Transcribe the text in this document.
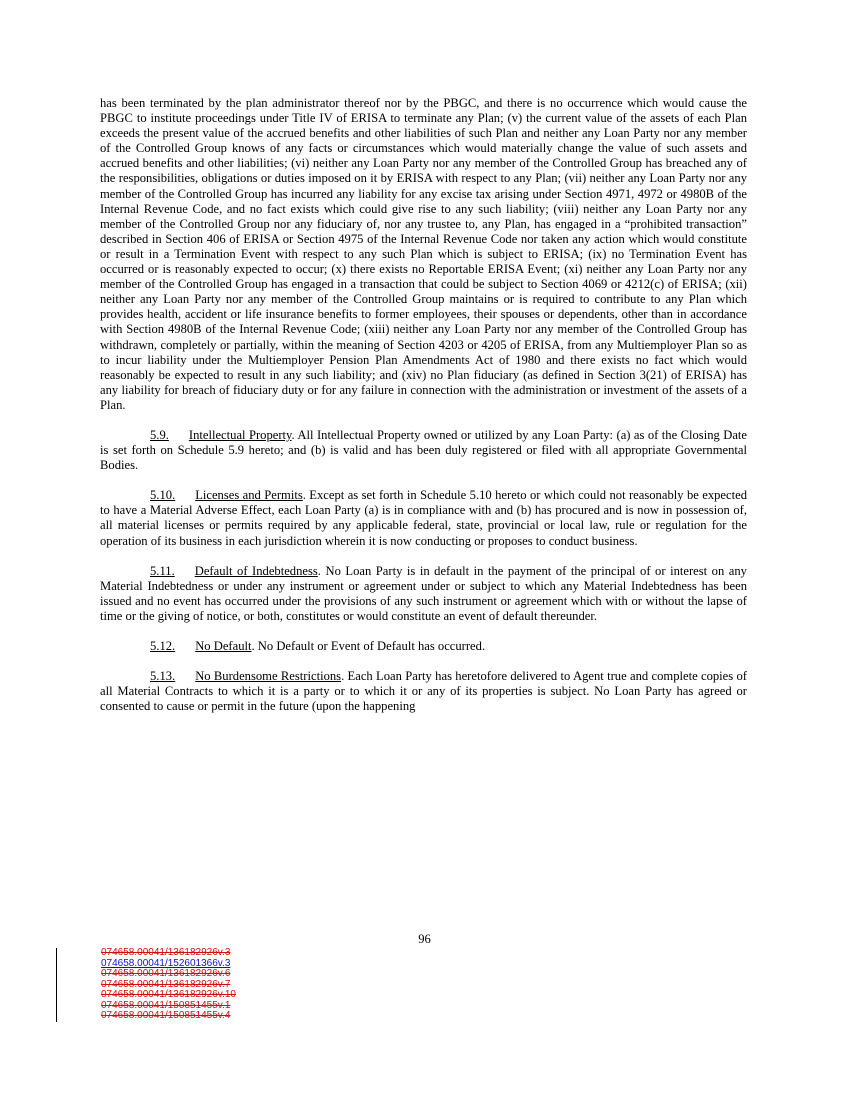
has been terminated by the plan administrator thereof nor by the PBGC, and there is no occurrence which would cause the PBGC to institute proceedings under Title IV of ERISA to terminate any Plan; (v) the current value of the assets of each Plan exceeds the present value of the accrued benefits and other liabilities of such Plan and neither any Loan Party nor any member of the Controlled Group knows of any facts or circumstances which would materially change the value of such assets and accrued benefits and other liabilities; (vi) neither any Loan Party nor any member of the Controlled Group has breached any of the responsibilities, obligations or duties imposed on it by ERISA with respect to any Plan; (vii) neither any Loan Party nor any member of the Controlled Group has incurred any liability for any excise tax arising under Section 4971, 4972 or 4980B of the Internal Revenue Code, and no fact exists which could give rise to any such liability; (viii) neither any Loan Party nor any member of the Controlled Group nor any fiduciary of, nor any trustee to, any Plan, has engaged in a “prohibited transaction” described in Section 406 of ERISA or Section 4975 of the Internal Revenue Code nor taken any action which would constitute or result in a Termination Event with respect to any such Plan which is subject to ERISA; (ix) no Termination Event has occurred or is reasonably expected to occur; (x) there exists no Reportable ERISA Event; (xi) neither any Loan Party nor any member of the Controlled Group has engaged in a transaction that could be subject to Section 4069 or 4212(c) of ERISA; (xii) neither any Loan Party nor any member of the Controlled Group maintains or is required to contribute to any Plan which provides health, accident or life insurance benefits to former employees, their spouses or dependents, other than in accordance with Section 4980B of the Internal Revenue Code; (xiii) neither any Loan Party nor any member of the Controlled Group has withdrawn, completely or partially, within the meaning of Section 4203 or 4205 of ERISA, from any Multiemployer Plan so as to incur liability under the Multiemployer Pension Plan Amendments Act of 1980 and there exists no fact which would reasonably be expected to result in any such liability; and (xiv) no Plan fiduciary (as defined in Section 3(21) of ERISA) has any liability for breach of fiduciary duty or for any failure in connection with the administration or investment of the assets of a Plan.

5.9. Intellectual Property. All Intellectual Property owned or utilized by any Loan Party: (a) as of the Closing Date is set forth on Schedule 5.9 hereto; and (b) is valid and has been duly registered or filed with all appropriate Governmental Bodies.

5.10. Licenses and Permits. Except as set forth in Schedule 5.10 hereto or which could not reasonably be expected to have a Material Adverse Effect, each Loan Party (a) is in compliance with and (b) has procured and is now in possession of, all material licenses or permits required by any applicable federal, state, provincial or local law, rule or regulation for the operation of its business in each jurisdiction wherein it is now conducting or proposes to conduct business.

5.11. Default of Indebtedness. No Loan Party is in default in the payment of the principal of or interest on any Material Indebtedness or under any instrument or agreement under or subject to which any Material Indebtedness has been issued and no event has occurred under the provisions of any such instrument or agreement which with or without the lapse of time or the giving of notice, or both, constitutes or would constitute an event of default thereunder.

5.12. No Default. No Default or Event of Default has occurred.

5.13. No Burdensome Restrictions. Each Loan Party has heretofore delivered to Agent true and complete copies of all Material Contracts to which it is a party or to which it or any of its properties is subject. No Loan Party has agreed or consented to cause or permit in the future (upon the happening

96
074658.00041/136182926v.3
074658.00041/152601366v.3
074658.00041/136182926v.6
074658.00041/136182926v.7
074658.00041/136182926v.10
074658.00041/150851455v.1
074658.00041/150851455v.4
